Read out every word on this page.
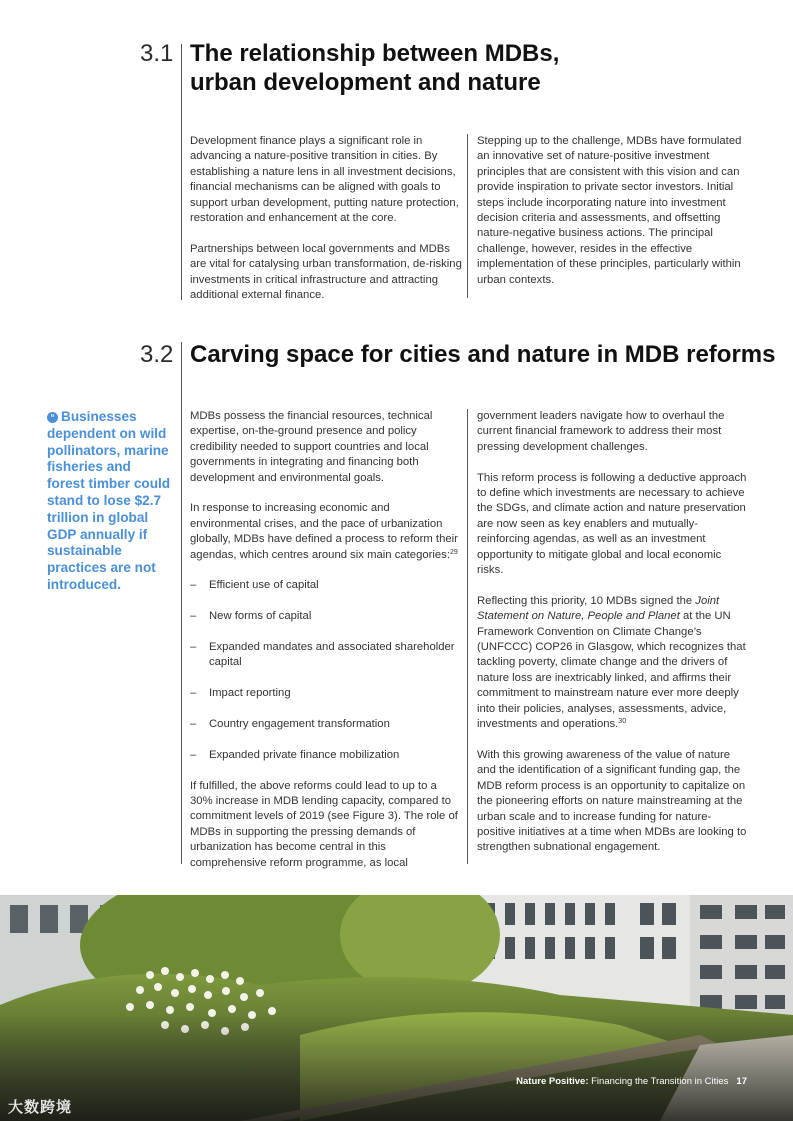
3.1 The relationship between MDBs,
urban development and nature

Development finance plays a significant role in advancing a nature-positive transition in cities. By establishing a nature lens in all investment decisions, financial mechanisms can be aligned with goals to support urban development, putting nature protection, restoration and enhancement at the core.

Partnerships between local governments and MDBs are vital for catalysing urban transformation, de-risking investments in critical infrastructure and attracting additional external finance.

Stepping up to the challenge, MDBs have formulated an innovative set of nature-positive investment principles that are consistent with this vision and can provide inspiration to private sector investors. Initial steps include incorporating nature into investment decision criteria and assessments, and offsetting nature-negative business actions. The principal challenge, however, resides in the effective implementation of these principles, particularly within urban contexts.

3.2 Carving space for cities and nature in MDB reforms
“ Businesses dependent on wild pollinators, marine fisheries and forest timber could stand to lose $2.7 trillion in global GDP annually if sustainable practices are not introduced.

MDBs possess the financial resources, technical expertise, on-the-ground presence and policy credibility needed to support countries and local governments in integrating and financing both development and environmental goals.

In response to increasing economic and environmental crises, and the pace of urbanization globally, MDBs have defined a process to reform their agendas, which centres around six main categories:$^{29}$

– Efficient use of capital
– New forms of capital
– Expanded mandates and associated shareholder capital
– Impact reporting
– Country engagement transformation
– Expanded private finance mobilization

If fulfilled, the above reforms could lead to up to a 30% increase in MDB lending capacity, compared to commitment levels of 2019 (see Figure 3). The role of MDBs in supporting the pressing demands of urbanization has become central in this comprehensive reform programme, as local

government leaders navigate how to overhaul the current financial framework to address their most pressing development challenges.

This reform process is following a deductive approach to define which investments are necessary to achieve the SDGs, and climate action and nature preservation are now seen as key enablers and mutually-reinforcing agendas, as well as an investment opportunity to mitigate global and local economic risks.

Reflecting this priority, 10 MDBs signed the Joint Statement on Nature, People and Planet at the UN Framework Convention on Climate Change’s (UNFCCC) COP26 in Glasgow, which recognizes that tackling poverty, climate change and the drivers of nature loss are inextricably linked, and affirms their commitment to mainstream nature ever more deeply into their policies, analyses, assessments, advice, investments and operations.$^{30}$

With this growing awareness of the value of nature and the identification of a significant funding gap, the MDB reform process is an opportunity to capitalize on the pioneering efforts on nature mainstreaming at the urban scale and to increase funding for nature-positive initiatives at a time when MDBs are looking to strengthen subnational engagement.

Nature Positive: Financing the Transition in Cities 17
大数跨境
